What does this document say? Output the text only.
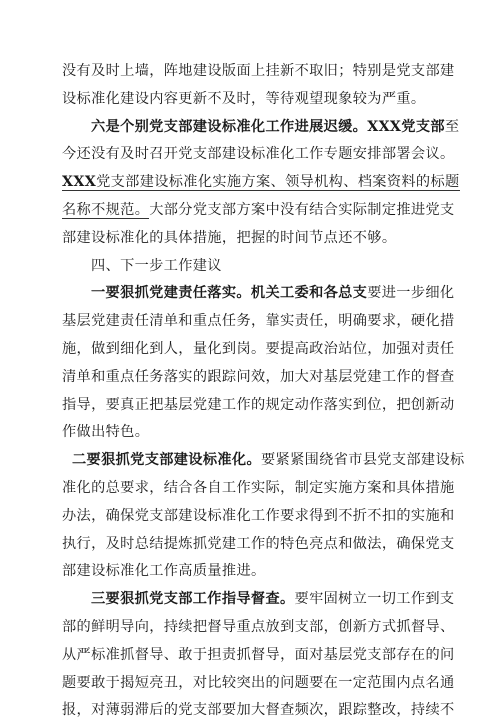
没有及时上墙，阵地建设版面上挂新不取旧；特别是党支部建
设标准化建设内容更新不及时，等待观望现象较为严重。
六是个别党支部建设标准化工作进展迟缓。XXX党支部至
今还没有及时召开党支部建设标准化工作专题安排部署会议。
XXX党支部建设标准化实施方案、领导机构、档案资料的标题
名称不规范。大部分党支部方案中没有结合实际制定推进党支
部建设标准化的具体措施，把握的时间节点还不够。
四、下一步工作建议
一要狠抓党建责任落实。机关工委和各总支要进一步细化
基层党建责任清单和重点任务，靠实责任，明确要求，硬化措
施，做到细化到人，量化到岗。要提高政治站位，加强对责任
清单和重点任务落实的跟踪问效，加大对基层党建工作的督查
指导，要真正把基层党建工作的规定动作落实到位，把创新动
作做出特色。
二要狠抓党支部建设标准化。要紧紧围绕省市县党支部建设标
准化的总要求，结合各自工作实际，制定实施方案和具体措施
办法，确保党支部建设标准化工作要求得到不折不扣的实施和
执行，及时总结提炼抓党建工作的特色亮点和做法，确保党支
部建设标准化工作高质量推进。
三要狠抓党支部工作指导督查。要牢固树立一切工作到支
部的鲜明导向，持续把督导重点放到支部，创新方式抓督导、
从严标准抓督导、敢于担责抓督导，面对基层党支部存在的问
题要敢于揭短亮丑，对比较突出的问题要在一定范围内点名通
报，对薄弱滞后的党支部要加大督查频次，跟踪整改，持续不
